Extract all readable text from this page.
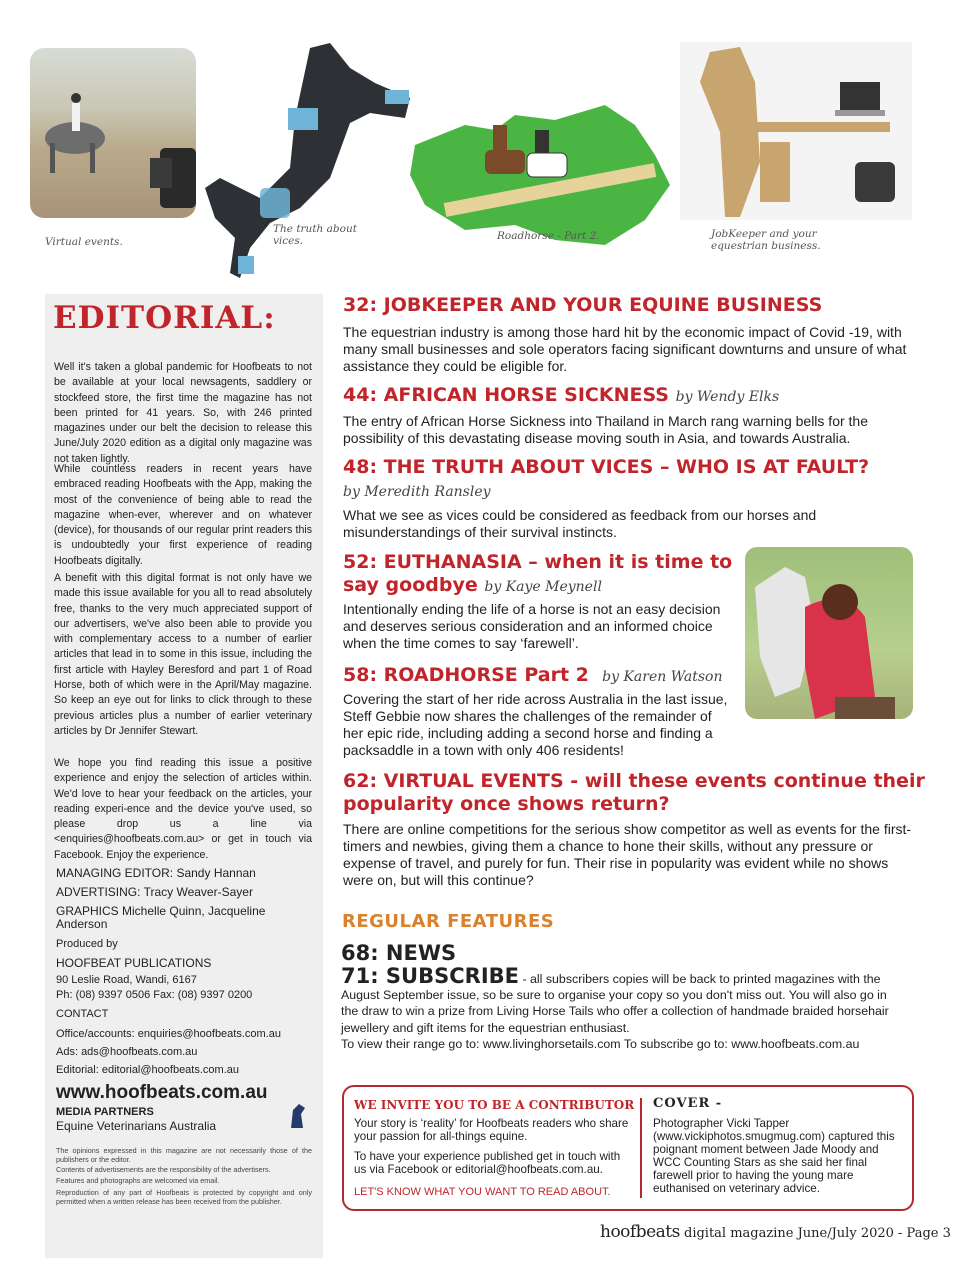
Virtual events.
The truth about
vices.	Roadhorse - Part 2.	JobKeeper and your
equestrian business.
EDITORIAL:

Well it's taken a global pandemic for Hoofbeats to not be available at your local newsagents, saddlery or stockfeed store, the first time the magazine has not been printed for 41 years. So, with 246 printed magazines under our belt the decision to release this June/July 2020 edition as a digital only magazine was not taken lightly.

While countless readers in recent years have embraced reading Hoofbeats with the App, making the most of the convenience of being able to read the magazine when-ever, wherever and on whatever (device), for thousands of our regular print readers this is undoubtedly your first experience of reading Hoofbeats digitally.

A benefit with this digital format is not only have we made this issue available for you all to read absolutely free, thanks to the very much appreciated support of our advertisers, we've also been able to provide you with complementary access to a number of earlier articles that lead in to some in this issue, including the first article with Hayley Beresford and part 1 of Road Horse, both of which were in the April/May magazine. So keep an eye out for links to click through to these previous articles plus a number of earlier veterinary articles by Dr Jennifer Stewart.

We hope you find reading this issue a positive experience and enjoy the selection of articles within. We'd love to hear your feedback on the articles, your reading experi-ence and the device you've used, so please drop us a line via <enquiries@hoofbeats.com.au> or get in touch via Facebook. Enjoy the experience.

MANAGING EDITOR: Sandy Hannan
ADVERTISING: Tracy Weaver-Sayer
GRAPHICS Michelle Quinn, Jacqueline
Anderson
Produced by
HOOFBEAT PUBLICATIONS
90 Leslie Road, Wandi, 6167
Ph: (08) 9397 0506 Fax: (08) 9397 0200
CONTACT
Office/accounts: enquiries@hoofbeats.com.au
Ads: ads@hoofbeats.com.au
Editorial: editorial@hoofbeats.com.au
www.hoofbeats.com.au
MEDIA PARTNERS
Equine Veterinarians Australia
The opinions expressed in this magazine are not necessarily those of the publishers or the editor.
Contents of advertisements are the responsibility of the advertisers.
Features and photographs are welcomed via email.
Reproduction of any part of Hoofbeats is protected by copyright and only permitted when a written release has been received from the publisher.
32: JOBKEEPER AND YOUR EQUINE BUSINESS

The equestrian industry is among those hard hit by the economic impact of Covid -19, with many small businesses and sole operators facing significant downturns and unsure of what assistance they could be eligible for.

44: AFRICAN HORSE SICKNESS by Wendy Elks

The entry of African Horse Sickness into Thailand in March rang warning bells for the possibility of this devastating disease moving south in Asia, and towards Australia.

48: THE TRUTH ABOUT VICES – WHO IS AT FAULT?
by Meredith Ransley

What we see as vices could be considered as feedback from our horses and misunderstandings of their survival instincts.

52: EUTHANASIA – when it is time to
say goodbye by Kaye Meynell

Intentionally ending the life of a horse is not an easy decision and deserves serious consideration and an informed choice when the time comes to say ‘farewell’.

58: ROADHORSE Part 2 by Karen Watson

Covering the start of her ride across Australia in the last issue, Steff Gebbie now shares the challenges of the remainder of her epic ride, including adding a second horse and finding a packsaddle in a town with only 406 residents!

62: VIRTUAL EVENTS - will these events continue their
popularity once shows return?

There are online competitions for the serious show competitor as well as events for the first-timers and newbies, giving them a chance to hone their skills, without any pressure or expense of travel, and purely for fun. Their rise in popularity was evident while no shows were on, but will this continue?

REGULAR FEATURES
68: NEWS
71: SUBSCRIBE - all subscribers copies will be back to printed magazines with the August September issue, so be sure to organise your copy so you don't miss out. You will also go in the draw to win a prize from Living Horse Tails who offer a collection of handmade braided horsehair jewellery and gift items for the equestrian enthusiast.
To view their range go to: www.livinghorsetails.com To subscribe go to: www.hoofbeats.com.au
WE INVITE YOU TO BE A CONTRIBUTOR
Your story is ‘reality’ for Hoofbeats readers who share your passion for all-things equine.
To have your experience published get in touch with us via Facebook or editorial@hoofbeats.com.au.
LET'S KNOW WHAT YOU WANT TO READ ABOUT.
COVER -
Photographer Vicki Tapper (www.vickiphotos.smugmug.com) captured this poignant moment between Jade Moody and WCC Counting Stars as she said her final farewell prior to having the young mare euthanised on veterinary advice.
hoofbeats digital magazine June/July 2020 - Page 3
